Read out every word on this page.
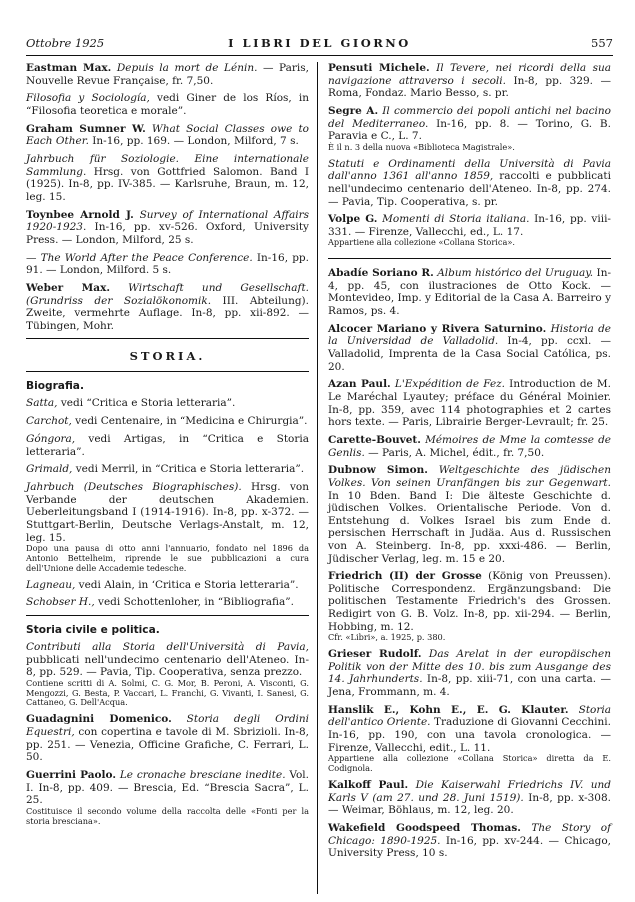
Ottobre 1925	I LIBRI DEL GIORNO	557

Eastman Max. Depuis la mort de Lénin. — Paris, Nouvelle Revue Française, fr. 7,50.

Filosofia y Sociología, vedi Giner de los Ríos, in “Filosofia teoretica e morale”.

Graham Sumner W. What Social Classes owe to Each Other. In-16, pp. 169. — London, Milford, 7 s.

Jahrbuch für Soziologie. Eine internationale Sammlung. Hrsg. von Gottfried Salomon. Band I (1925). In-8, pp. IV-385. — Karlsruhe, Braun, m. 12, leg. 15.

Toynbee Arnold J. Survey of International Affairs 1920-1923. In-16, pp. xv-526. Oxford, University Press. — London, Milford, 25 s.

— The World After the Peace Conference. In-16, pp. 91. — London, Milford. 5 s.

Weber Max. Wirtschaft und Gesellschaft. (Grundriss der Sozialökonomik. III. Abteilung). Zweite, vermehrte Auflage. In-8, pp. xii-892. — Tübingen, Mohr.

STORIA.
Biografia.

Satta, vedi “Critica e Storia letteraria”.

Carchot, vedi Centenaire, in “Medicina e Chirurgia”.

Góngora, vedi Artigas, in “Critica e Storia letteraria”.

Grimald, vedi Merril, in “Critica e Storia letteraria”.

Jahrbuch (Deutsches Biographisches). Hrsg. von Verbande der deutschen Akademien. Ueberleitungsband I (1914-1916). In-8, pp. x-372. — Stuttgart-Berlin, Deutsche Verlags-Anstalt, m. 12, leg. 15.
Dopo una pausa di otto anni l'annuario, fondato nel 1896 da Antonio Bettelheim, riprende le sue pubblicazioni a cura dell'Unione delle Accademie tedesche.

Lagneau, vedi Alain, in ‘Critica e Storia letteraria”.

Schobser H., vedi Schottenloher, in “Bibliografia”.

Storia civile e politica.

Contributi alla Storia dell'Università di Pavia, pubblicati nell'undecimo centenario dell'Ateneo. In-8, pp. 529. — Pavia, Tip. Cooperativa, senza prezzo.
Contiene scritti di A. Solmi, C. G. Mor, B. Peroni, A. Visconti, G. Mengozzi, G. Besta, P. Vaccari, L. Franchi, G. Vivanti, I. Sanesi, G. Cattaneo, G. Dell'Acqua.

Guadagnini Domenico. Storia degli Ordini Equestri, con copertina e tavole di M. Sbrizioli. In-8, pp. 251. — Venezia, Officine Grafiche, C. Ferrari, L. 50.

Guerrini Paolo. Le cronache bresciane inedite. Vol. I. In-8, pp. 409. — Brescia, Ed. “Brescia Sacra”, L. 25.
Costituisce il secondo volume della raccolta delle «Fonti per la storia bresciana».

Pensuti Michele. Il Tevere, nei ricordi della sua navigazione attraverso i secoli. In-8, pp. 329. — Roma, Fondaz. Mario Besso, s. pr.

Segre A. Il commercio dei popoli antichi nel bacino del Mediterraneo. In-16, pp. 8. — Torino, G. B. Paravia e C., L. 7.
È il n. 3 della nuova «Biblioteca Magistrale».

Statuti e Ordinamenti della Università di Pavia dall'anno 1361 all'anno 1859, raccolti e pubblicati nell'undecimo centenario dell'Ateneo. In-8, pp. 274. — Pavia, Tip. Cooperativa, s. pr.

Volpe G. Momenti di Storia italiana. In-16, pp. viii-331. — Firenze, Vallecchi, ed., L. 17.
Appartiene alla collezione «Collana Storica».

Abadíe Soriano R. Album histórico del Uruguay. In-4, pp. 45, con ilustraciones de Otto Kock. — Montevideo, Imp. y Editorial de la Casa A. Barreiro y Ramos, ps. 4.

Alcocer Mariano y Rivera Saturnino. Historia de la Universidad de Valladolid. In-4, pp. ccxl. — Valladolid, Imprenta de la Casa Social Católica, ps. 20.

Azan Paul. L'Expédition de Fez. Introduction de M. Le Maréchal Lyautey; préface du Général Moinier. In-8, pp. 359, avec 114 photographies et 2 cartes hors texte. — Paris, Librairie Berger-Levrault; fr. 25.

Carette-Bouvet. Mémoires de Mme la comtesse de Genlis. — Paris, A. Michel, édit., fr. 7,50.

Dubnow Simon. Weltgeschichte des jüdischen Volkes. Von seinen Uranfängen bis zur Gegenwart. In 10 Bden. Band I: Die älteste Geschichte d. jüdischen Volkes. Orientalische Periode. Von d. Entstehung d. Volkes Israel bis zum Ende d. persischen Herrschaft in Judäa. Aus d. Russischen von A. Steinberg. In-8, pp. xxxi-486. — Berlin, Jüdischer Verlag, leg. m. 15 e 20.

Friedrich (II) der Grosse (König von Preussen). Politische Correspondenz. Ergänzungsband: Die politischen Testamente Friedrich's des Grossen. Redigirt von G. B. Volz. In-8, pp. xii-294. — Berlin, Hobbing, m. 12.
Cfr. «Libri», a. 1925, p. 380.

Grieser Rudolf. Das Arelat in der europäischen Politik von der Mitte des 10. bis zum Ausgange des 14. Jahrhunderts. In-8, pp. xiii-71, con una carta. — Jena, Frommann, m. 4.

Hanslik E., Kohn E., E. G. Klauter. Storia dell'antico Oriente. Traduzione di Giovanni Cecchini. In-16, pp. 190, con una tavola cronologica. — Firenze, Vallecchi, edit., L. 11.
Appartiene alla collezione «Collana Storica» diretta da E. Codignola.

Kalkoff Paul. Die Kaiserwahl Friedrichs IV. und Karls V (am 27. und 28. Juni 1519). In-8, pp. x-308. — Weimar, Böhlaus, m. 12, leg. 20.

Wakefield Goodspeed Thomas. The Story of Chicago: 1890-1925. In-16, pp. xv-244. — Chicago, University Press, 10 s.
